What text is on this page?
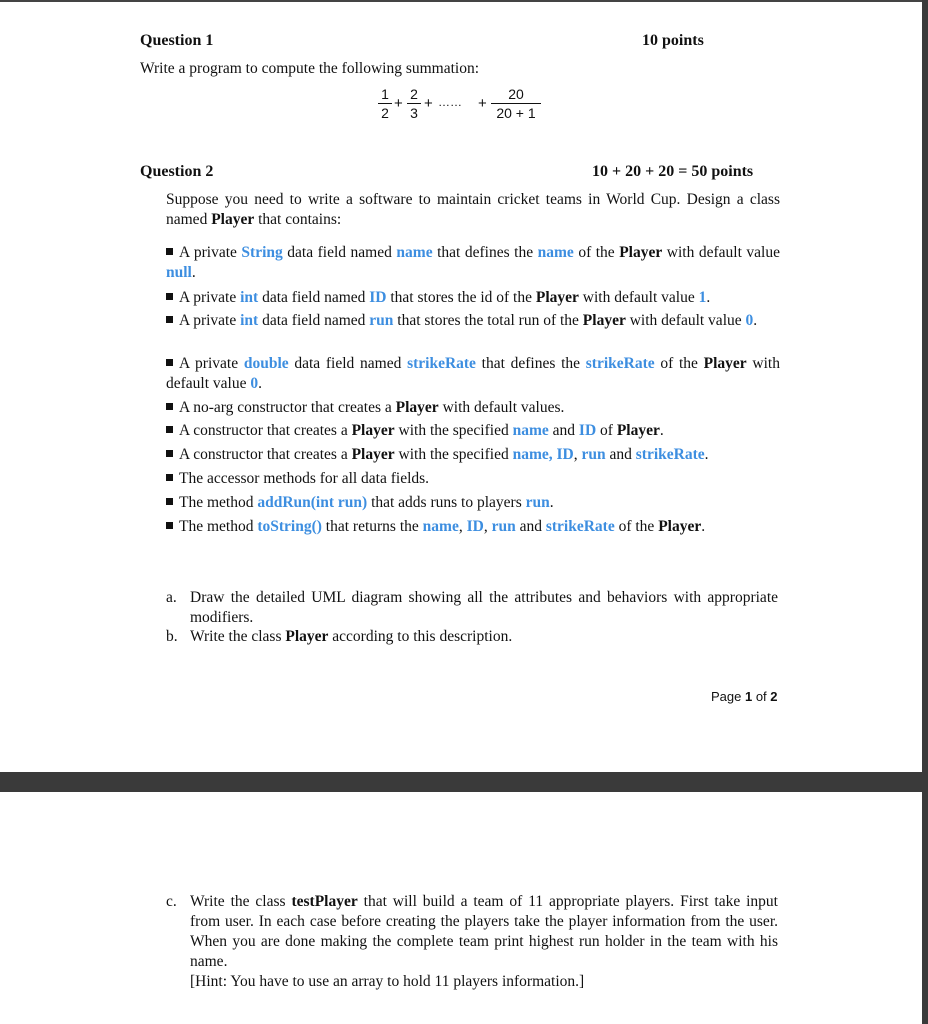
Question 1	10 points
Write a program to compute the following summation:
1
2
+
2
3
+ …… +
20
20 + 1
Question 2	10 + 20 + 20 = 50 points
Suppose you need to write a software to maintain cricket teams in World Cup. Design a class named Player that contains:
A private String data field named name that defines the name of the Player with default value null.
A private int data field named ID that stores the id of the Player with default value 1.
A private int data field named run that stores the total run of the Player with default value 0.
A private double data field named strikeRate that defines the strikeRate of the Player with default value 0.
A no-arg constructor that creates a Player with default values.
A constructor that creates a Player with the specified name and ID of Player.
A constructor that creates a Player with the specified name, ID, run and strikeRate.
The accessor methods for all data fields.
The method addRun(int run) that adds runs to players run.
The method toString() that returns the name, ID, run and strikeRate of the Player.
a. Draw the detailed UML diagram showing all the attributes and behaviors with appropriate modifiers.
b. Write the class Player according to this description.
Page 1 of 2
c. Write the class testPlayer that will build a team of 11 appropriate players. First take input from user. In each case before creating the players take the player information from the user. When you are done making the complete team print highest run holder in the team with his name.
[Hint: You have to use an array to hold 11 players information.]
